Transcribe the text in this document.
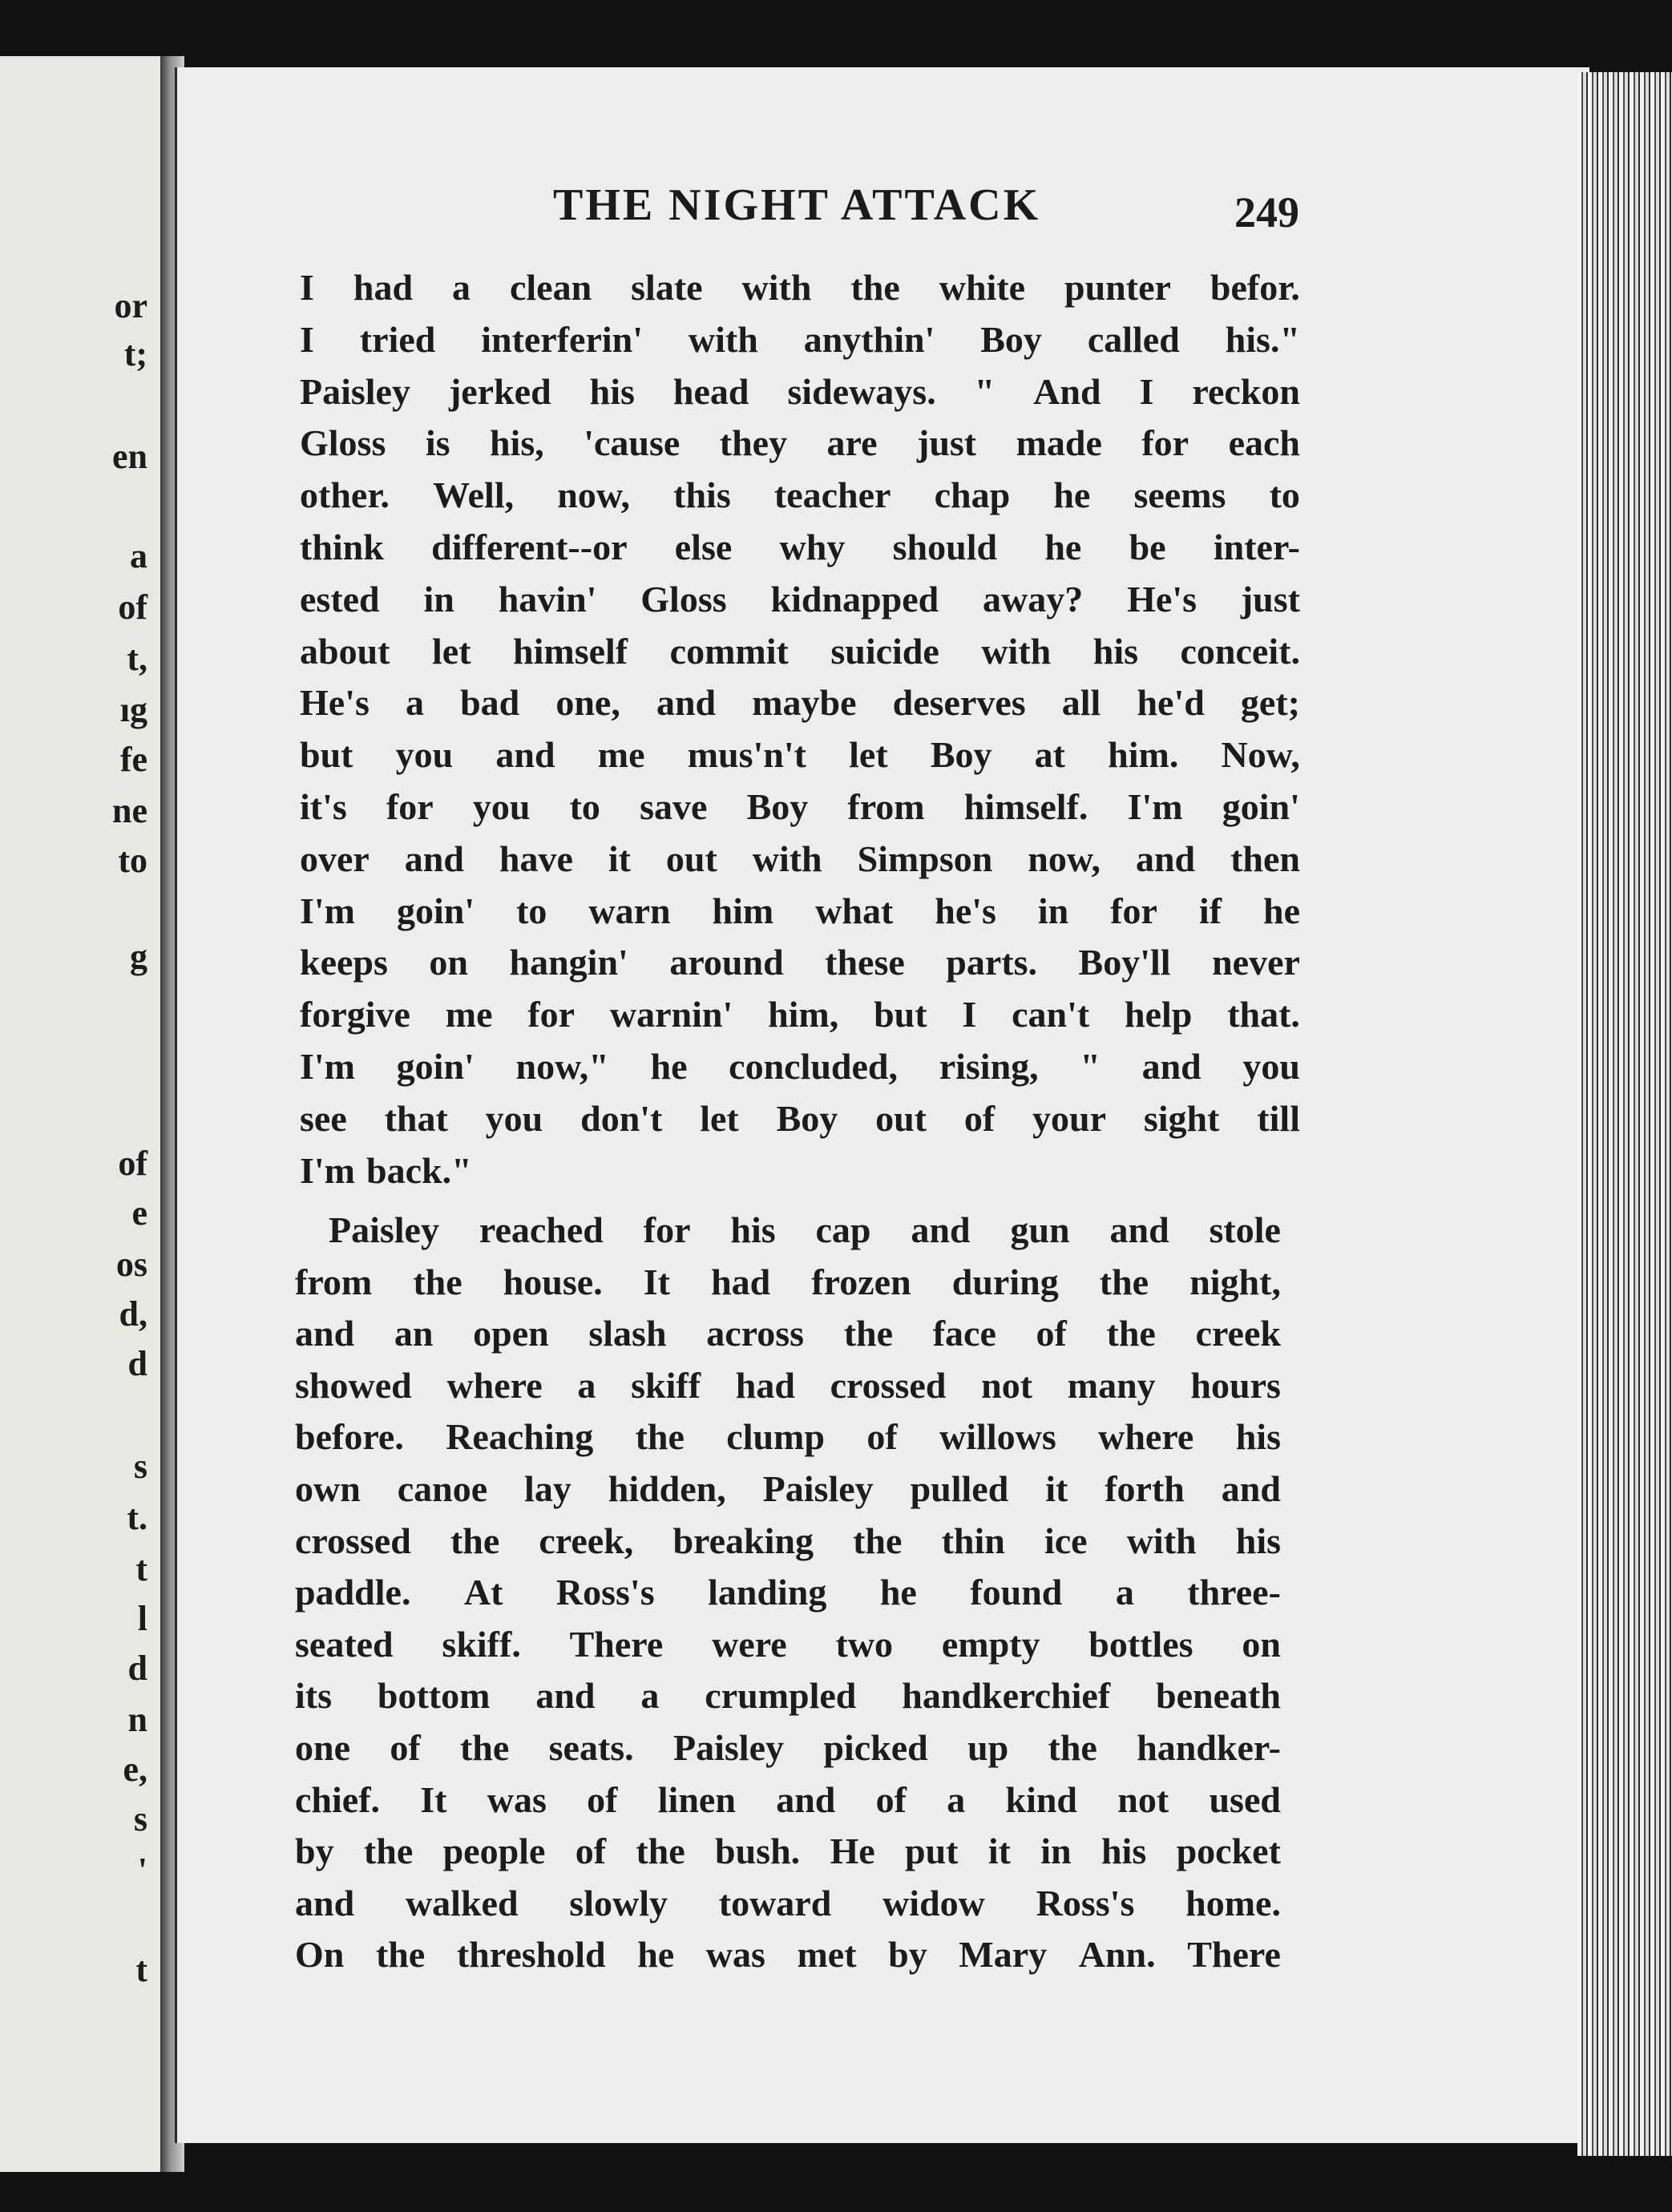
or
t;
en
a
of
t,
ıg
fe
ne
to
g
of
e
os
d,
d
s
t.
t
l
d
n
e,
s
'
t
THE NIGHT ATTACK	249
I had a clean slate with the white punter befor.
I tried interferin' with anythin' Boy called his."
Paisley jerked his head sideways. " And I reckon
Gloss is his, 'cause they are just made for each
other. Well, now, this teacher chap he seems to
think different--or else why should he be inter-
ested in havin' Gloss kidnapped away? He's just
about let himself commit suicide with his conceit.
He's a bad one, and maybe deserves all he'd get;
but you and me mus'n't let Boy at him. Now,
it's for you to save Boy from himself. I'm goin'
over and have it out with Simpson now, and then
I'm goin' to warn him what he's in for if he
keeps on hangin' around these parts. Boy'll never
forgive me for warnin' him, but I can't help that.
I'm goin' now," he concluded, rising, " and you
see that you don't let Boy out of your sight till
I'm back."
Paisley reached for his cap and gun and stole
from the house. It had frozen during the night,
and an open slash across the face of the creek
showed where a skiff had crossed not many hours
before. Reaching the clump of willows where his
own canoe lay hidden, Paisley pulled it forth and
crossed the creek, breaking the thin ice with his
paddle. At Ross's landing he found a three-
seated skiff. There were two empty bottles on
its bottom and a crumpled handkerchief beneath
one of the seats. Paisley picked up the handker-
chief. It was of linen and of a kind not used
by the people of the bush. He put it in his pocket
and walked slowly toward widow Ross's home.
On the threshold he was met by Mary Ann. There
